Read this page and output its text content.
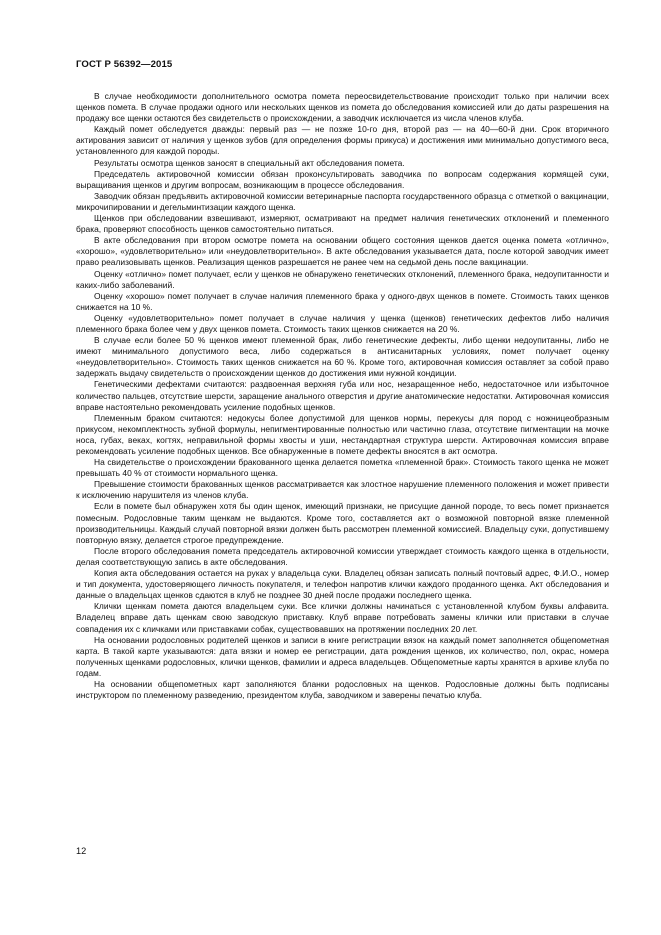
ГОСТ Р 56392—2015

В случае необходимости дополнительного осмотра помета переосвидетельствование происходит только при наличии всех щенков помета. В случае продажи одного или нескольких щенков из помета до обследования комиссией или до даты разрешения на продажу все щенки остаются без свидетельств о происхождении, а заводчик исключается из числа членов клуба.

Каждый помет обследуется дважды: первый раз — не позже 10-го дня, второй раз — на 40—60-й дни. Срок вторичного актирования зависит от наличия у щенков зубов (для определения формы прикуса) и достижения ими минимально допустимого веса, установленного для каждой породы.

Результаты осмотра щенков заносят в специальный акт обследования помета.

Председатель актировочной комиссии обязан проконсультировать заводчика по вопросам содержания кормящей суки, выращивания щенков и другим вопросам, возникающим в процессе обследования.

Заводчик обязан предъявить актировочной комиссии ветеринарные паспорта государственного образца с отметкой о вакцинации, микрочипировании и дегельминтизации каждого щенка.

Щенков при обследовании взвешивают, измеряют, осматривают на предмет наличия генетических отклонений и племенного брака, проверяют способность щенков самостоятельно питаться.

В акте обследования при втором осмотре помета на основании общего состояния щенков дается оценка помета «отлично», «хорошо», «удовлетворительно» или «неудовлетворительно». В акте обследования указывается дата, после которой заводчик имеет право реализовывать щенков. Реализация щенков разрешается не ранее чем на седьмой день после вакцинации.

Оценку «отлично» помет получает, если у щенков не обнаружено генетических отклонений, племенного брака, недоупитанности и каких-либо заболеваний.

Оценку «хорошо» помет получает в случае наличия племенного брака у одного-двух щенков в помете. Стоимость таких щенков снижается на 10 %.

Оценку «удовлетворительно» помет получает в случае наличия у щенка (щенков) генетических дефектов либо наличия племенного брака более чем у двух щенков помета. Стоимость таких щенков снижается на 20 %.

В случае если более 50 % щенков имеют племенной брак, либо генетические дефекты, либо щенки недоупитанны, либо не имеют минимального допустимого веса, либо содержаться в антисанитарных условиях, помет получает оценку «неудовлетворительно». Стоимость таких щенков снижается на 60 %. Кроме того, актировочная комиссия оставляет за собой право задержать выдачу свидетельств о происхождении щенков до достижения ими нужной кондиции.

Генетическими дефектами считаются: раздвоенная верхняя губа или нос, незаращенное небо, недостаточное или избыточное количество пальцев, отсутствие шерсти, заращение анального отверстия и другие анатомические недостатки. Актировочная комиссия вправе настоятельно рекомендовать усиление подобных щенков.

Племенным браком считаются: недокусы более допустимой для щенков нормы, перекусы для пород с ножницеобразным прикусом, некомплектность зубной формулы, непигментированные полностью или частично глаза, отсутствие пигментации на мочке носа, губах, веках, когтях, неправильной формы хвосты и уши, нестандартная структура шерсти. Актировочная комиссия вправе рекомендовать усиление подобных щенков. Все обнаруженные в помете дефекты вносятся в акт осмотра.

На свидетельстве о происхождении бракованного щенка делается пометка «племенной брак». Стоимость такого щенка не может превышать 40 % от стоимости нормального щенка.

Превышение стоимости бракованных щенков рассматривается как злостное нарушение племенного положения и может привести к исключению нарушителя из членов клуба.

Если в помете был обнаружен хотя бы один щенок, имеющий признаки, не присущие данной породе, то весь помет признается помесным. Родословные таким щенкам не выдаются. Кроме того, составляется акт о возможной повторной вязке племенной производительницы. Каждый случай повторной вязки должен быть рассмотрен племенной комиссией. Владельцу суки, допустившему повторную вязку, делается строгое предупреждение.

После второго обследования помета председатель актировочной комиссии утверждает стоимость каждого щенка в отдельности, делая соответствующую запись в акте обследования.

Копия акта обследования остается на руках у владельца суки. Владелец обязан записать полный почтовый адрес, Ф.И.О., номер и тип документа, удостоверяющего личность покупателя, и телефон напротив клички каждого проданного щенка. Акт обследования и данные о владельцах щенков сдаются в клуб не позднее 30 дней после продажи последнего щенка.

Клички щенкам помета даются владельцем суки. Все клички должны начинаться с установленной клубом буквы алфавита. Владелец вправе дать щенкам свою заводскую приставку. Клуб вправе потребовать замены клички или приставки в случае совпадения их с кличками или приставками собак, существовавших на протяжении последних 20 лет.

На основании родословных родителей щенков и записи в книге регистрации вязок на каждый помет заполняется общепометная карта. В такой карте указываются: дата вязки и номер ее регистрации, дата рождения щенков, их количество, пол, окрас, номера полученных щенками родословных, клички щенков, фамилии и адреса владельцев. Общепометные карты хранятся в архиве клуба по годам.

На основании общепометных карт заполняются бланки родословных на щенков. Родословные должны быть подписаны инструктором по племенному разведению, президентом клуба, заводчиком и заверены печатью клуба.

12
